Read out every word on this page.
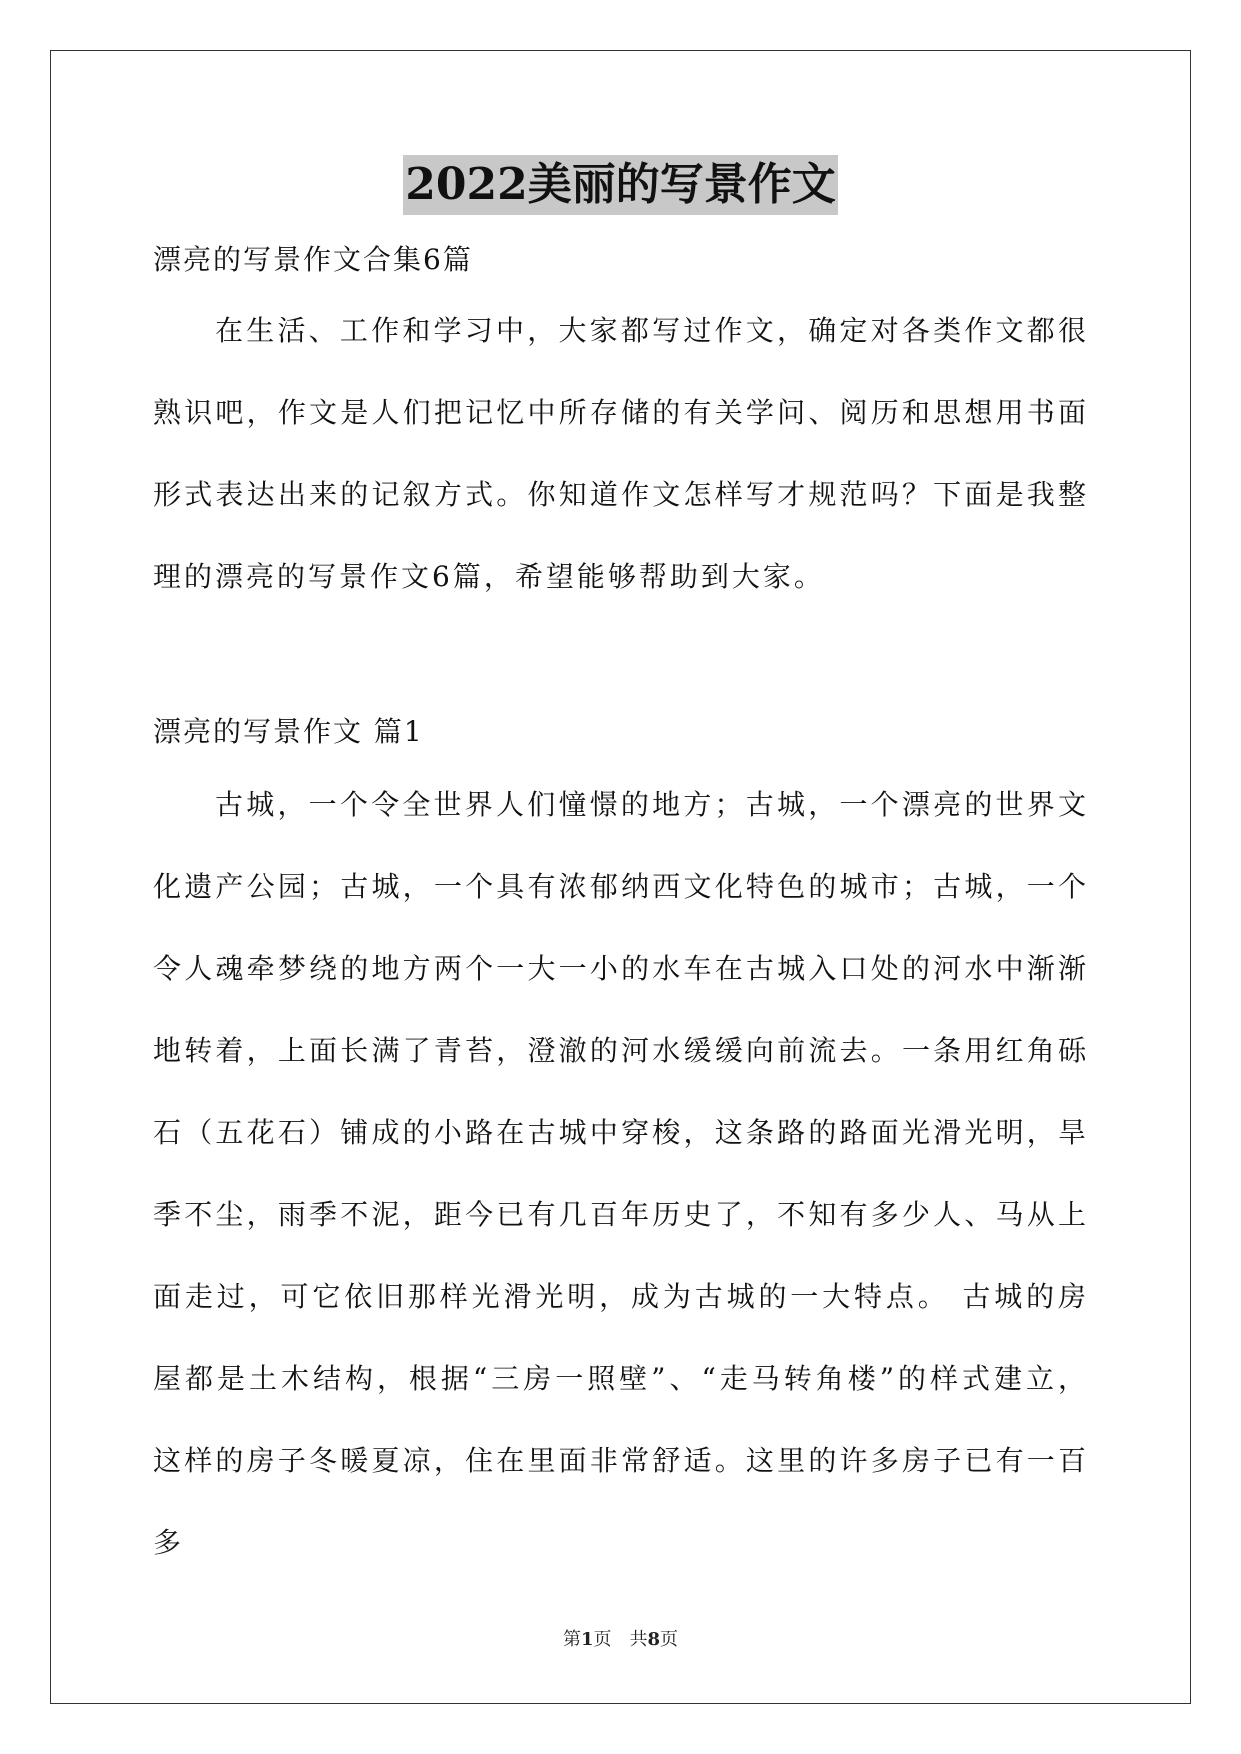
2022美丽的写景作文
漂亮的写景作文合集6篇

在生活、工作和学习中，大家都写过作文，确定对各类作文都很熟识吧，作文是人们把记忆中所存储的有关学问、阅历和思想用书面形式表达出来的记叙方式。你知道作文怎样写才规范吗？下面是我整理的漂亮的写景作文6篇，希望能够帮助到大家。

漂亮的写景作文 篇1

古城，一个令全世界人们憧憬的地方；古城，一个漂亮的世界文化遗产公园；古城，一个具有浓郁纳西文化特色的城市；古城，一个令人魂牵梦绕的地方两个一大一小的水车在古城入口处的河水中渐渐地转着，上面长满了青苔，澄澈的河水缓缓向前流去。一条用红角砾石（五花石）铺成的小路在古城中穿梭，这条路的路面光滑光明，旱季不尘，雨季不泥，距今已有几百年历史了，不知有多少人、马从上面走过，可它依旧那样光滑光明，成为古城的一大特点。 古城的房屋都是土木结构，根据“三房一照壁”、“走马转角楼”的样式建立，这样的房子冬暖夏凉，住在里面非常舒适。这里的许多房子已有一百多

第1页　共8页
